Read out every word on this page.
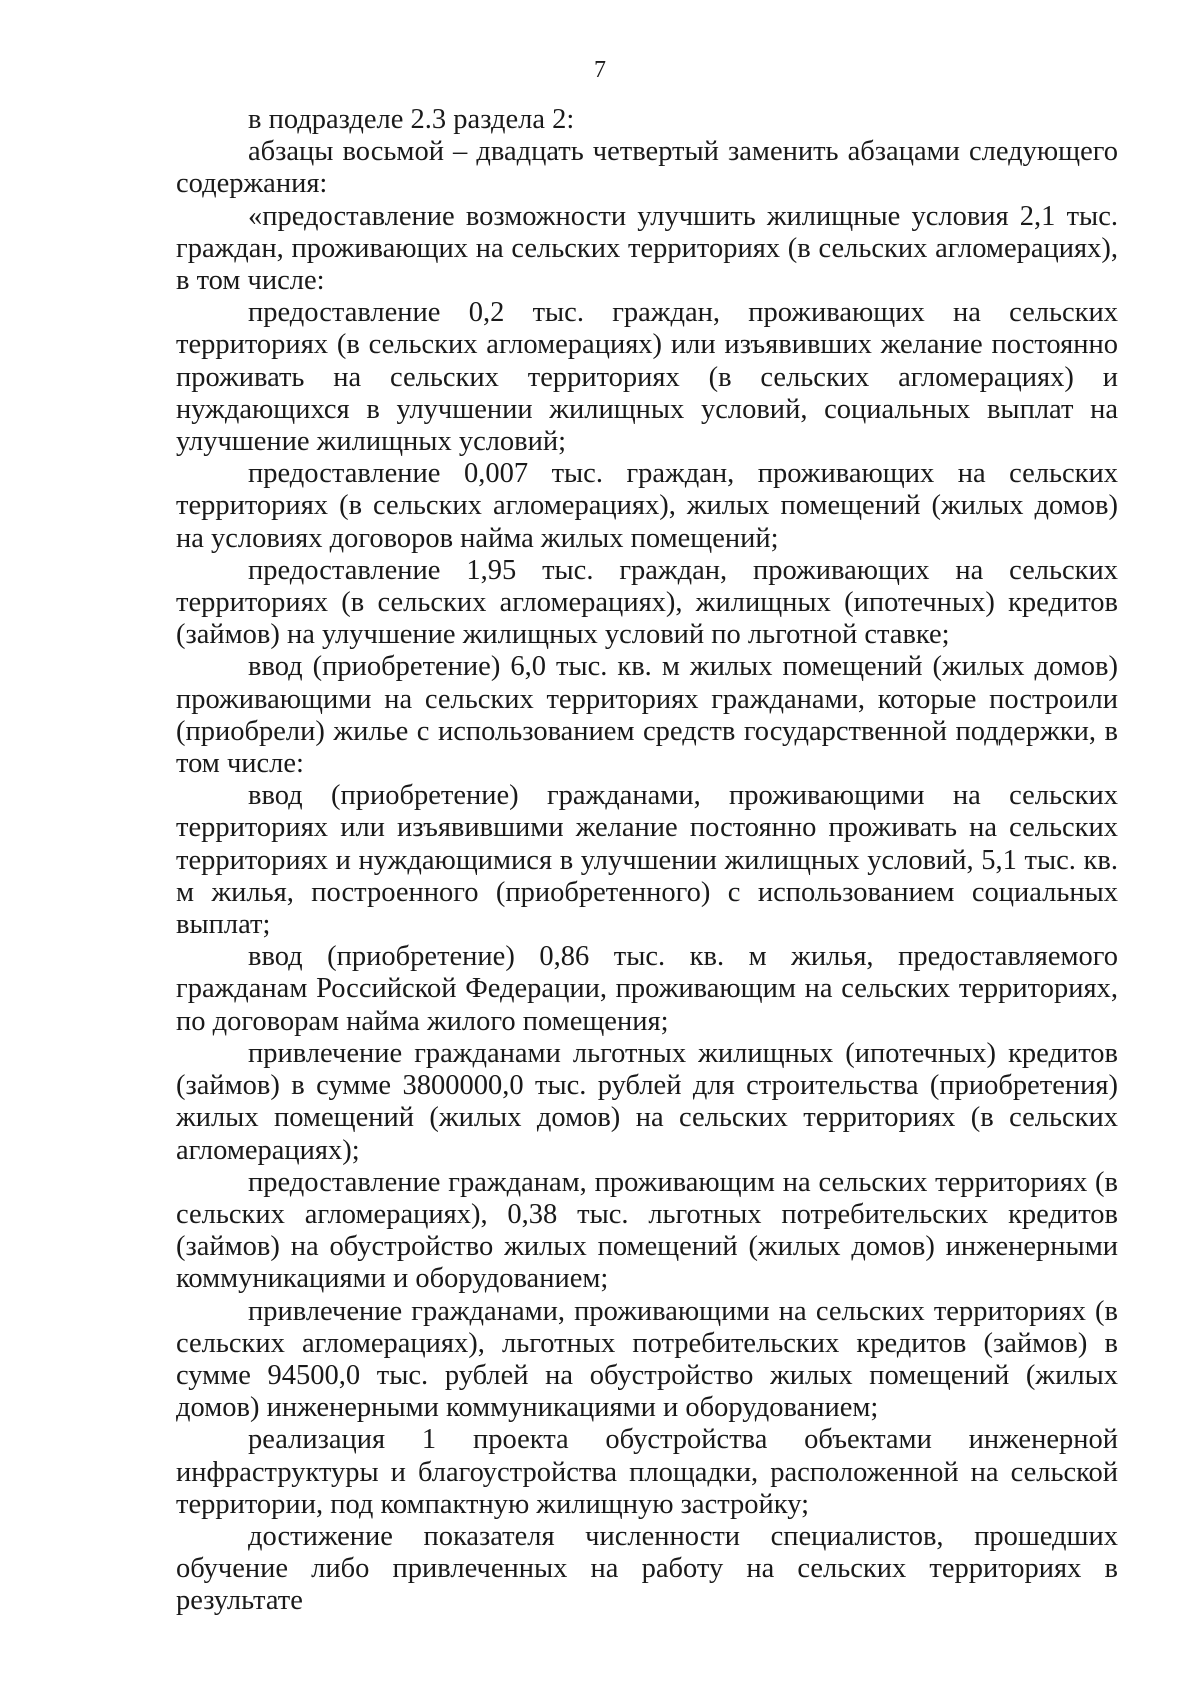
7

в подразделе 2.3 раздела 2:

абзацы восьмой – двадцать четвертый заменить абзацами следующего содержания:

«предоставление возможности улучшить жилищные условия 2,1 тыс. граждан, проживающих на сельских территориях (в сельских агломерациях), в том числе:

предоставление 0,2 тыс. граждан, проживающих на сельских территориях (в сельских агломерациях) или изъявивших желание постоянно проживать на сельских территориях (в сельских агломерациях) и нуждающихся в улучшении жилищных условий, социальных выплат на улучшение жилищных условий;

предоставление 0,007 тыс. граждан, проживающих на сельских территориях (в сельских агломерациях), жилых помещений (жилых домов) на условиях договоров найма жилых помещений;

предоставление 1,95 тыс. граждан, проживающих на сельских территориях (в сельских агломерациях), жилищных (ипотечных) кредитов (займов) на улучшение жилищных условий по льготной ставке;

ввод (приобретение) 6,0 тыс. кв. м жилых помещений (жилых домов) проживающими на сельских территориях гражданами, которые построили (приобрели) жилье с использованием средств государственной поддержки, в том числе:

ввод (приобретение) гражданами, проживающими на сельских территориях или изъявившими желание постоянно проживать на сельских территориях и нуждающимися в улучшении жилищных условий, 5,1 тыс. кв. м жилья, построенного (приобретенного) с использованием социальных выплат;

ввод (приобретение) 0,86 тыс. кв. м жилья, предоставляемого гражданам Российской Федерации, проживающим на сельских территориях, по договорам найма жилого помещения;

привлечение гражданами льготных жилищных (ипотечных) кредитов (займов) в сумме 3800000,0 тыс. рублей для строительства (приобретения) жилых помещений (жилых домов) на сельских территориях (в сельских агломерациях);

предоставление гражданам, проживающим на сельских территориях (в сельских агломерациях), 0,38 тыс. льготных потребительских кредитов (займов) на обустройство жилых помещений (жилых домов) инженерными коммуникациями и оборудованием;

привлечение гражданами, проживающими на сельских территориях (в сельских агломерациях), льготных потребительских кредитов (займов) в сумме 94500,0 тыс. рублей на обустройство жилых помещений (жилых домов) инженерными коммуникациями и оборудованием;

реализация 1 проекта обустройства объектами инженерной инфраструктуры и благоустройства площадки, расположенной на сельской территории, под компактную жилищную застройку;

достижение показателя численности специалистов, прошедших обучение либо привлеченных на работу на сельских территориях в результате
